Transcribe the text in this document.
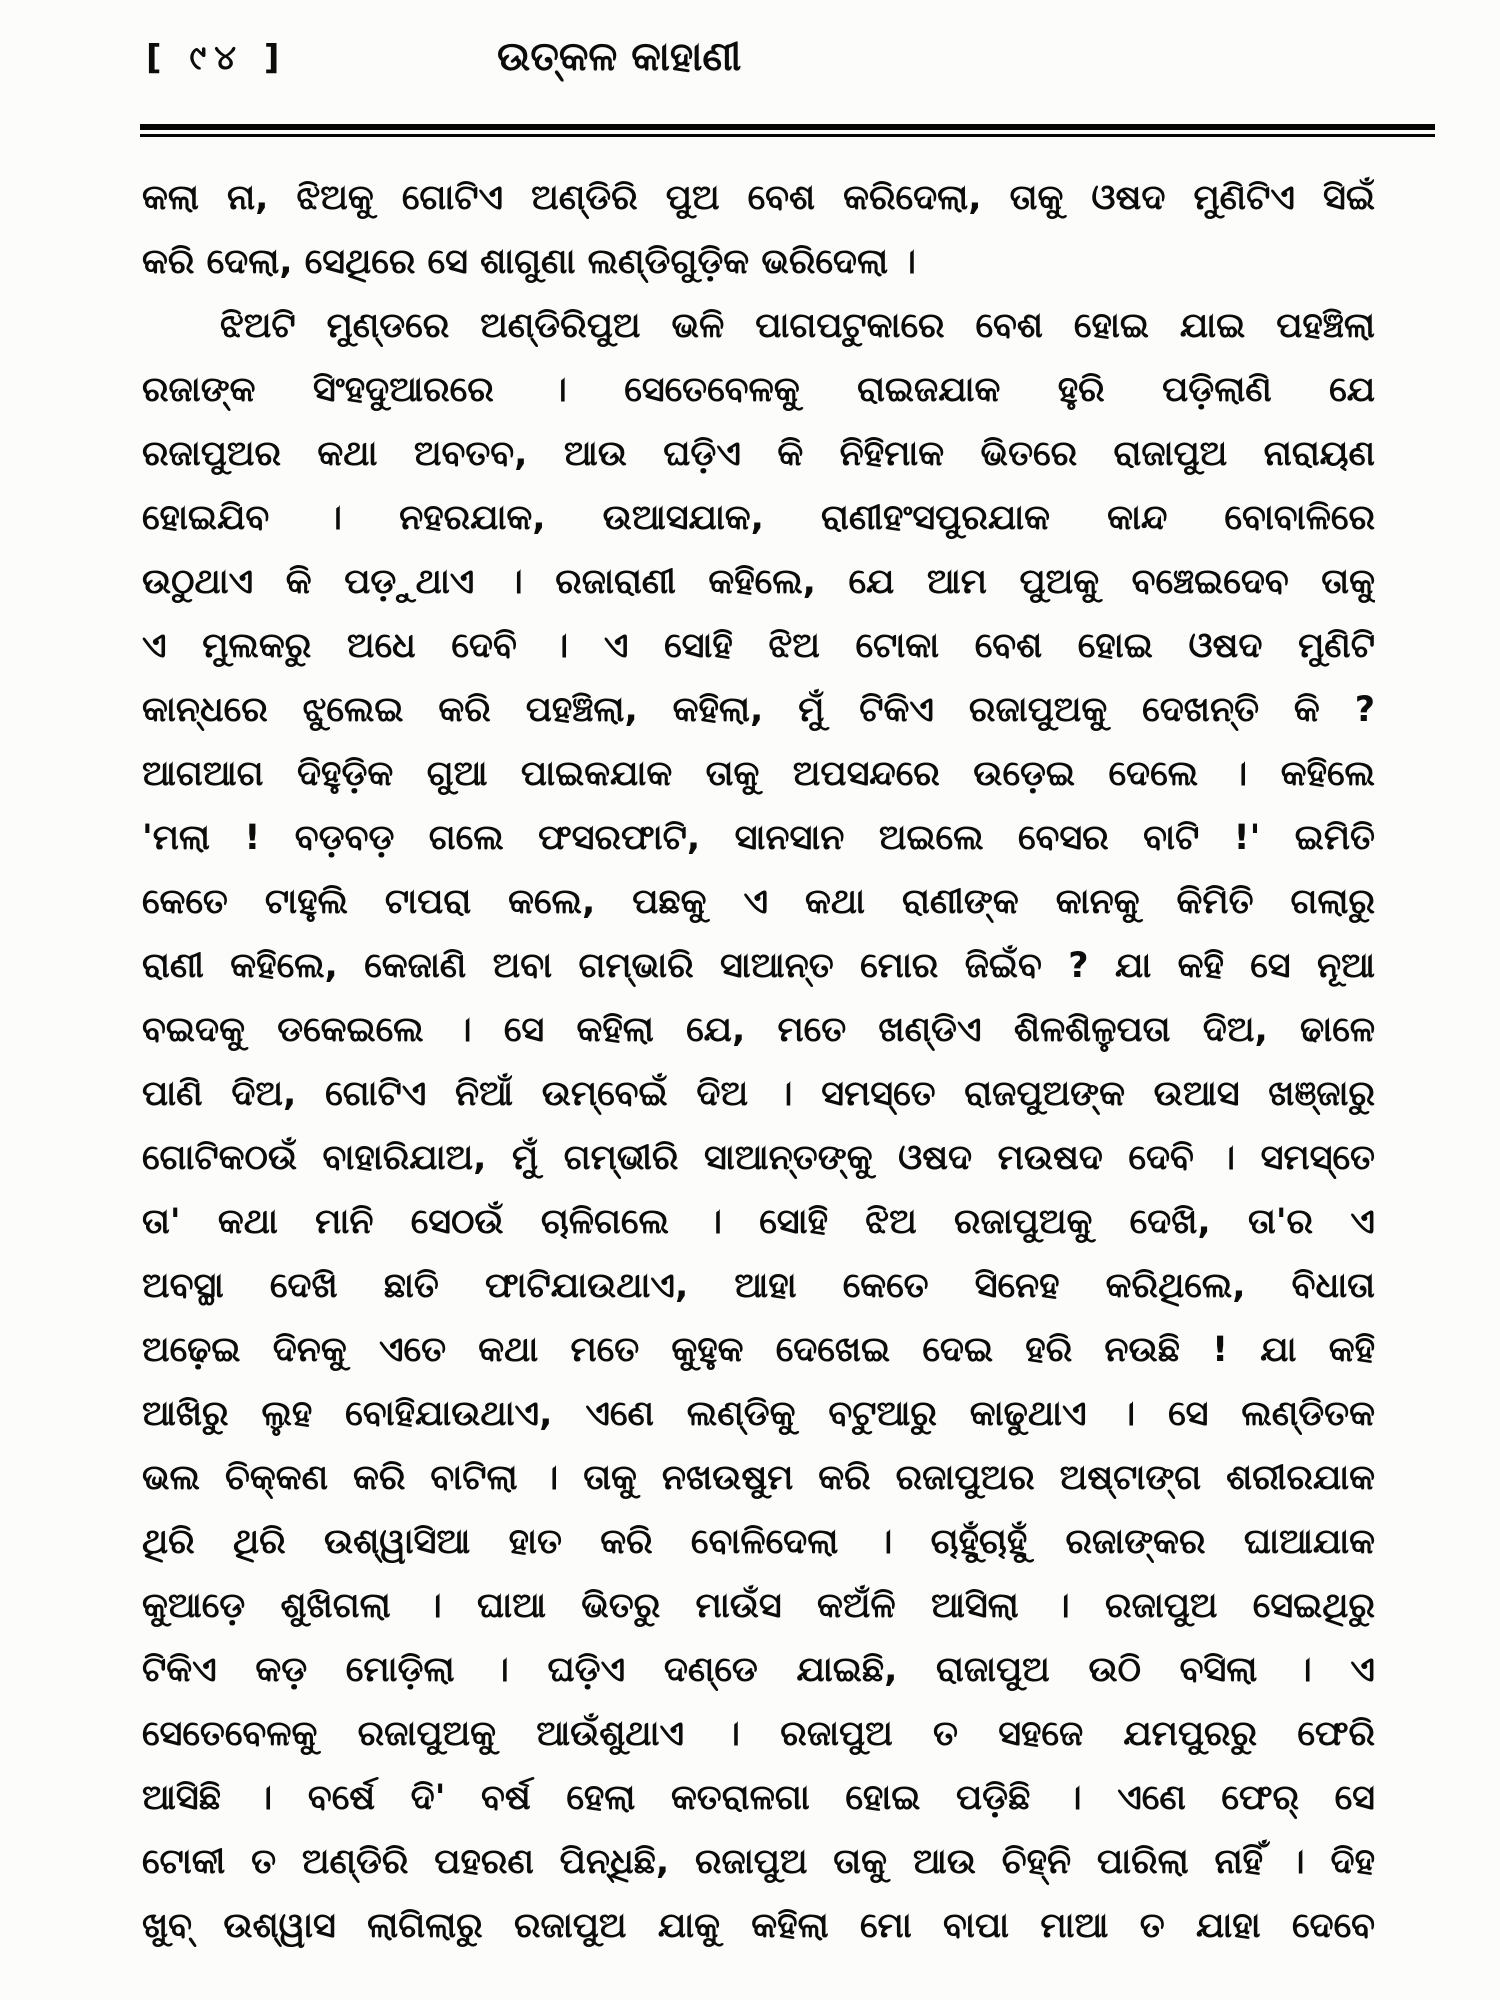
[ ୯୪ ]	ଉତ୍କଳ କାହାଣୀ
କଲା ନା, ଝିଅକୁ ଗୋଟିଏ ଅଣ୍ଡିରି ପୁଅ ବେଶ କରିଦେଲା, ତାକୁ ଓଷଦ ମୁଣିଟିଏ ସିଇଁ
କରି ଦେଲା, ସେଥିରେ ସେ ଶାଗୁଣା ଲଣ୍ଡିଗୁଡ଼ିକ ଭରିଦେଲା ।
ଝିଅଟି ମୁଣ୍ଡରେ ଅଣ୍ଡିରିପୁଅ ଭଳି ପାଗପଟୁକାରେ ବେଶ ହୋଇ ଯାଇ ପହଞ୍ଚିଲା
ରଜାଙ୍କ ସିଂହଦୁଆରରେ । ସେତେବେଳକୁ ରାଇଜଯାକ ହୁରି ପଡ଼ିଲାଣି ଯେ
ରଜାପୁଅର କଥା ଅବତବ, ଆଉ ଘଡ଼ିଏ କି ନିହିମାକ ଭିତରେ ରାଜାପୁଅ ନାରାୟଣ
ହୋଇଯିବ । ନହରଯାକ, ଉଆସଯାକ, ରାଣୀହଂସପୁରଯାକ କାନ୍ଦ ବୋବାଳିରେ
ଉଠୁଥାଏ କି ପଡ଼ୁଥାଏ । ରଜାରାଣୀ କହିଲେ, ଯେ ଆମ ପୁଅକୁ ବଞ୍ଚେଇଦେବ ତାକୁ
ଏ ମୁଲକରୁ ଅଧେ ଦେବି । ଏ ସୋହି ଝିଅ ଟୋକା ବେଶ ହୋଇ ଓଷଦ ମୁଣିଟି
କାନ୍ଧରେ ଝୁଲେଇ କରି ପହଞ୍ଚିଲା, କହିଲା, ମୁଁ ଟିକିଏ ରଜାପୁଅକୁ ଦେଖନ୍ତି କି ?
ଆଗଆଗ ଦିହୁଡ଼ିକ ଗୁଆ ପାଇକଯାକ ତାକୁ ଅପସନ୍ଦରେ ଉଡ଼େଇ ଦେଲେ । କହିଲେ
'ମଲା ! ବଡ଼ବଡ଼ ଗଲେ ଫସରଫାଟି, ସାନସାନ ଅଇଲେ ବେସର ବାଟି !' ଇମିତି
କେତେ ଟାହୁଲି ଟାପରା କଲେ, ପଛକୁ ଏ କଥା ରାଣୀଙ୍କ କାନକୁ କିମିତି ଗଲାରୁ
ରାଣୀ କହିଲେ, କେଜାଣି ଅବା ଗମ୍ଭାରି ସାଆନ୍ତ ମୋର ଜିଇଁବ ? ଯା କହି ସେ ନୂଆ
ବଇଦକୁ ଡକେଇଲେ । ସେ କହିଲା ଯେ, ମତେ ଖଣ୍ଡିଏ ଶିଳଶିଳୁପତା ଦିଅ, ଢାଳେ
ପାଣି ଦିଅ, ଗୋଟିଏ ନିଆଁ ଉମ୍ବେଇଁ ଦିଅ । ସମସ୍ତେ ରାଜପୁଅଙ୍କ ଉଆସ ଖଞ୍ଜାରୁ
ଗୋଟିକଠଉଁ ବାହାରିଯାଅ, ମୁଁ ଗମ୍ଭୀରି ସାଆନ୍ତଙ୍କୁ ଓଷଦ ମଉଷଦ ଦେବି । ସମସ୍ତେ
ତା' କଥା ମାନି ସେଠଉଁ ଚାଳିଗଲେ । ସୋହି ଝିଅ ରଜାପୁଅକୁ ଦେଖି, ତା'ର ଏ
ଅବସ୍ଥା ଦେଖି ଛାତି ଫାଟିଯାଉଥାଏ, ଆହା କେତେ ସିନେହ କରିଥିଲେ, ବିଧାତା
ଅଢ଼େଇ ଦିନକୁ ଏତେ କଥା ମତେ କୁହୁକ ଦେଖେଇ ଦେଇ ହରି ନଉଛି ! ଯା କହି
ଆଖିରୁ ଲୁହ ବୋହିଯାଉଥାଏ, ଏଣେ ଲଣ୍ଡିକୁ ବଟୁଆରୁ କାଢୁଥାଏ । ସେ ଲଣ୍ଡିତକ
ଭଲ ଚିକ୍କଣ କରି ବାଟିଲା । ତାକୁ ନଖଉଷୁମ କରି ରଜାପୁଅର ଅଷ୍ଟାଙ୍ଗ ଶରୀରଯାକ
ଥିରି ଥିରି ଉଶ୍ୱାସିଆ ହାତ କରି ବୋଳିଦେଲା । ଚାହୁଁଚାହୁଁ ରଜାଙ୍କର ଘାଆଯାକ
କୁଆଡ଼େ ଶୁଖିଗଲା । ଘାଆ ଭିତରୁ ମାଉଁସ କଅଁଳି ଆସିଲା । ରଜାପୁଅ ସେଇଥିରୁ
ଟିକିଏ କଡ଼ ମୋଡ଼ିଲା । ଘଡ଼ିଏ ଦଣ୍ଡେ ଯାଇଛି, ରାଜାପୁଅ ଉଠି ବସିଲା । ଏ
ସେତେବେଳକୁ ରଜାପୁଅକୁ ଆଉଁଶୁଥାଏ । ରଜାପୁଅ ତ ସହଜେ ଯମପୁରରୁ ଫେରି
ଆସିଛି । ବର୍ଷେ ଦି' ବର୍ଷ ହେଲା କତରାଳଗା ହୋଇ ପଡ଼ିଛି । ଏଣେ ଫେର୍ ସେ
ଟୋକୀ ତ ଅଣ୍ଡିରି ପହରଣ ପିନ୍ଧିଛି, ରଜାପୁଅ ତାକୁ ଆଉ ଚିହ୍ନି ପାରିଲା ନାହିଁ । ଦିହ
ଖୁବ୍ ଉଶ୍ୱାସ ଲାଗିଲାରୁ ରଜାପୁଅ ଯାକୁ କହିଲା ମୋ ବାପା ମାଆ ତ ଯାହା ଦେବେ
